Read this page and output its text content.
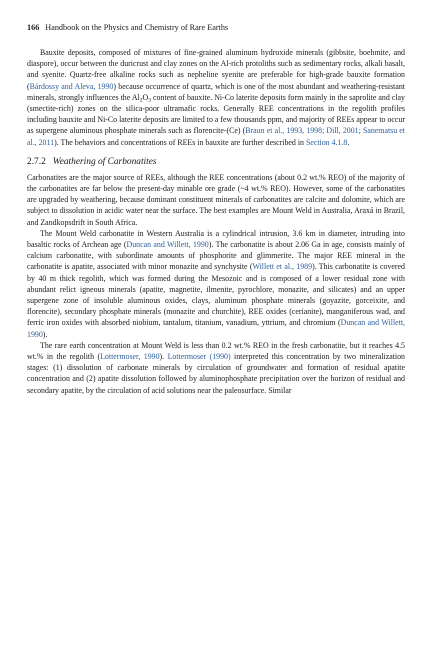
166 Handbook on the Physics and Chemistry of Rare Earths

Bauxite deposits, composed of mixtures of fine-grained aluminum hydroxide minerals (gibbsite, boehmite, and diaspore), occur between the duricrust and clay zones on the Al-rich protoliths such as sedimentary rocks, alkali basalt, and syenite. Quartz-free alkaline rocks such as nepheline syenite are preferable for high-grade bauxite formation (Bárdossy and Aleva, 1990) because occurrence of quartz, which is one of the most abundant and weathering-resistant minerals, strongly influences the $Al_2O_3$ content of bauxite. Ni-Co laterite deposits form mainly in the saprolite and clay (smectite-rich) zones on the silica-poor ultramafic rocks. Generally REE concentrations in the regolith profiles including bauxite and Ni-Co laterite deposits are limited to a few thousands ppm, and majority of REEs appear to occur as supergene aluminous phosphate minerals such as florencite-(Ce) (Braun et al., 1993, 1998; Dill, 2001; Sanematsu et al., 2011). The behaviors and concentrations of REEs in bauxite are further described in Section 4.1.8.

2.7.2 Weathering of Carbonatites

Carbonatites are the major source of REEs, although the REE concentrations (about 0.2 wt.% REO) of the majority of the carbonatites are far below the present-day minable ore grade (~4 wt.% REO). However, some of the carbonatites are upgraded by weathering, because dominant constituent minerals of carbonatites are calcite and dolomite, which are subject to dissolution in acidic water near the surface. The best examples are Mount Weld in Australia, Araxá in Brazil, and Zandkopsdrift in South Africa.

The Mount Weld carbonatite in Western Australia is a cylindrical intrusion, 3.6 km in diameter, intruding into basaltic rocks of Archean age (Duncan and Willett, 1990). The carbonatite is about 2.06 Ga in age, consists mainly of calcium carbonatite, with subordinate amounts of phosphorite and glimmerite. The major REE mineral in the carbonatite is apatite, associated with minor monazite and synchysite (Willett et al., 1989). This carbonatite is covered by 40 m thick regolith, which was formed during the Mesozoic and is composed of a lower residual zone with abundant relict igneous minerals (apatite, magnetite, ilmenite, pyrochlore, monazite, and silicates) and an upper supergene zone of insoluble aluminous oxides, clays, aluminum phosphate minerals (goyazite, gorceixite, and florencite), secondary phosphate minerals (monazite and churchite), REE oxides (cerianite), manganiferous wad, and ferric iron oxides with absorbed niobium, tantalum, titanium, vanadium, yttrium, and chromium (Duncan and Willett, 1990).

The rare earth concentration at Mount Weld is less than 0.2 wt.% REO in the fresh carbonatite, but it reaches 4.5 wt.% in the regolith (Lottermoser, 1990). Lottermoser (1990) interpreted this concentration by two mineralization stages: (1) dissolution of carbonate minerals by circulation of groundwater and formation of residual apatite concentration and (2) apatite dissolution followed by aluminophosphate precipitation over the horizon of residual and secondary apatite, by the circulation of acid solutions near the paleosurface. Similar
